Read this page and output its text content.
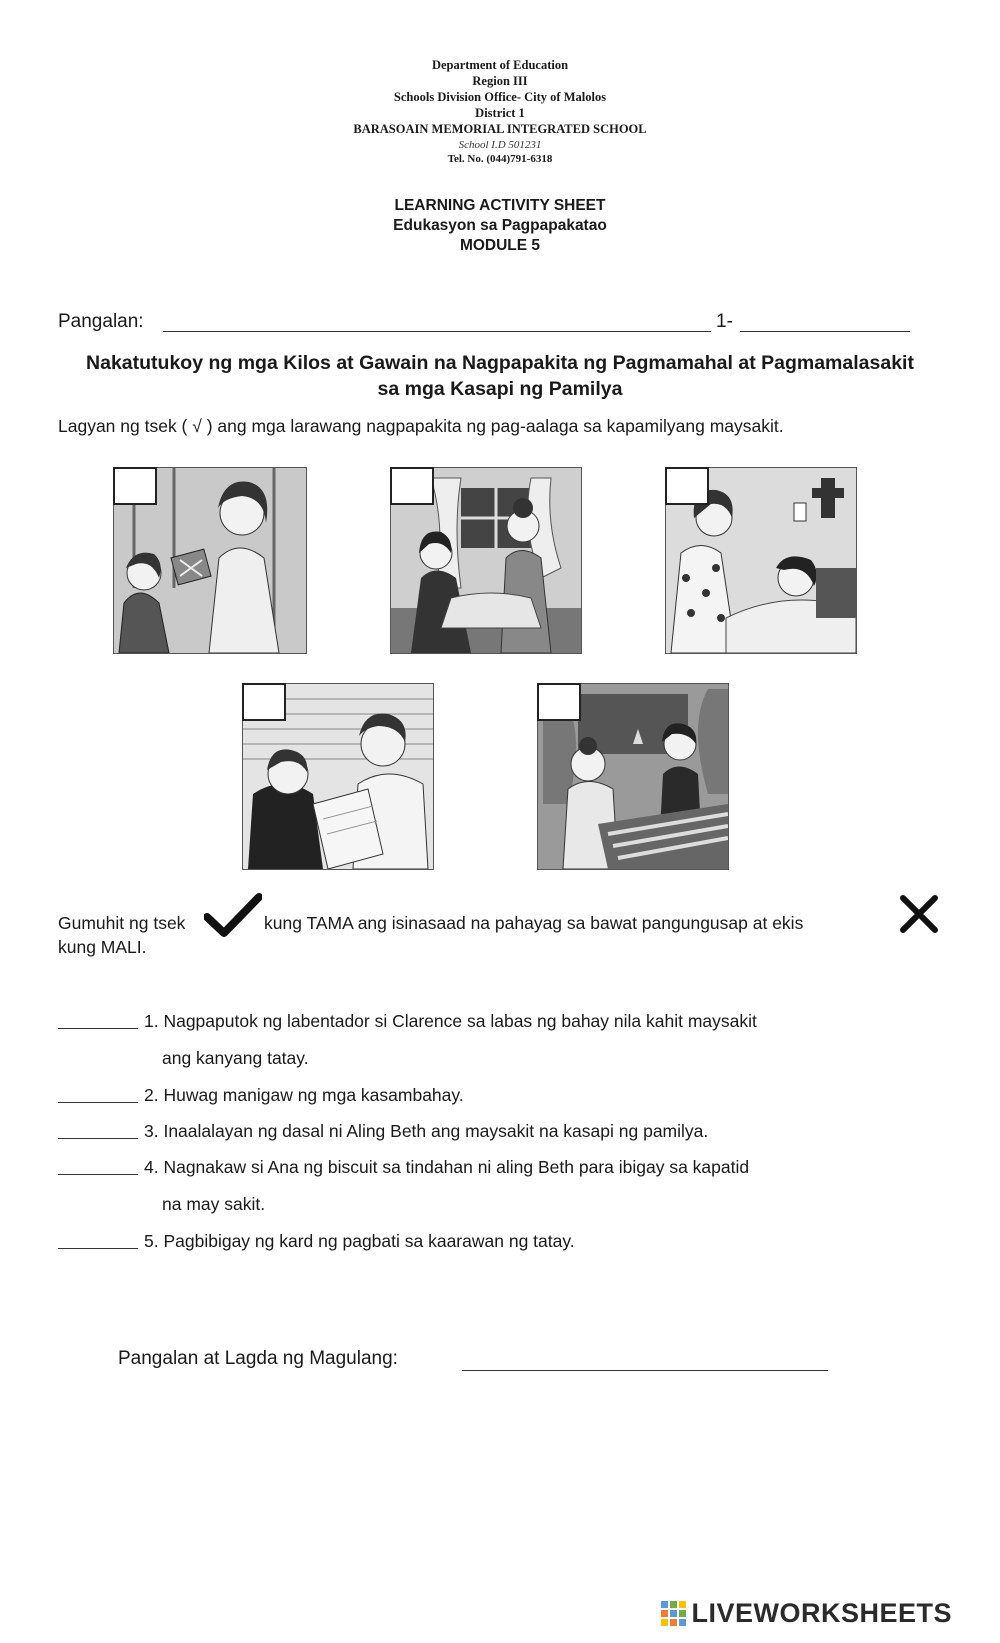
Department of Education
Region III
Schools Division Office- City of Malolos
District 1
BARASOAIN MEMORIAL INTEGRATED SCHOOL
School I.D 501231
Tel. No. (044)791-6318
LEARNING ACTIVITY SHEET
Edukasyon sa Pagpapakatao
MODULE 5
Pangalan:	1-
Nakatutukoy ng mga Kilos at Gawain na Nagpapakita ng Pagmamahal at Pagmamalasakit
sa mga Kasapi ng Pamilya
Lagyan ng tsek ( √ ) ang mga larawang nagpapakita ng pag-aalaga sa kapamilyang maysakit.
Gumuhit ng tsek	kung TAMA ang isinasaad na pahayag sa bawat pangungusap at ekis
kung MALI.
1. Nagpaputok ng labentador si Clarence sa labas ng bahay nila kahit maysakit
ang kanyang tatay.
2. Huwag manigaw ng mga kasambahay.
3. Inaalalayan ng dasal ni Aling Beth ang maysakit na kasapi ng pamilya.
4. Nagnakaw si Ana ng biscuit sa tindahan ni aling Beth para ibigay sa kapatid
na may sakit.
5. Pagbibigay ng kard ng pagbati sa kaarawan ng tatay.
Pangalan at Lagda ng Magulang:
LIVEWORKSHEETS
